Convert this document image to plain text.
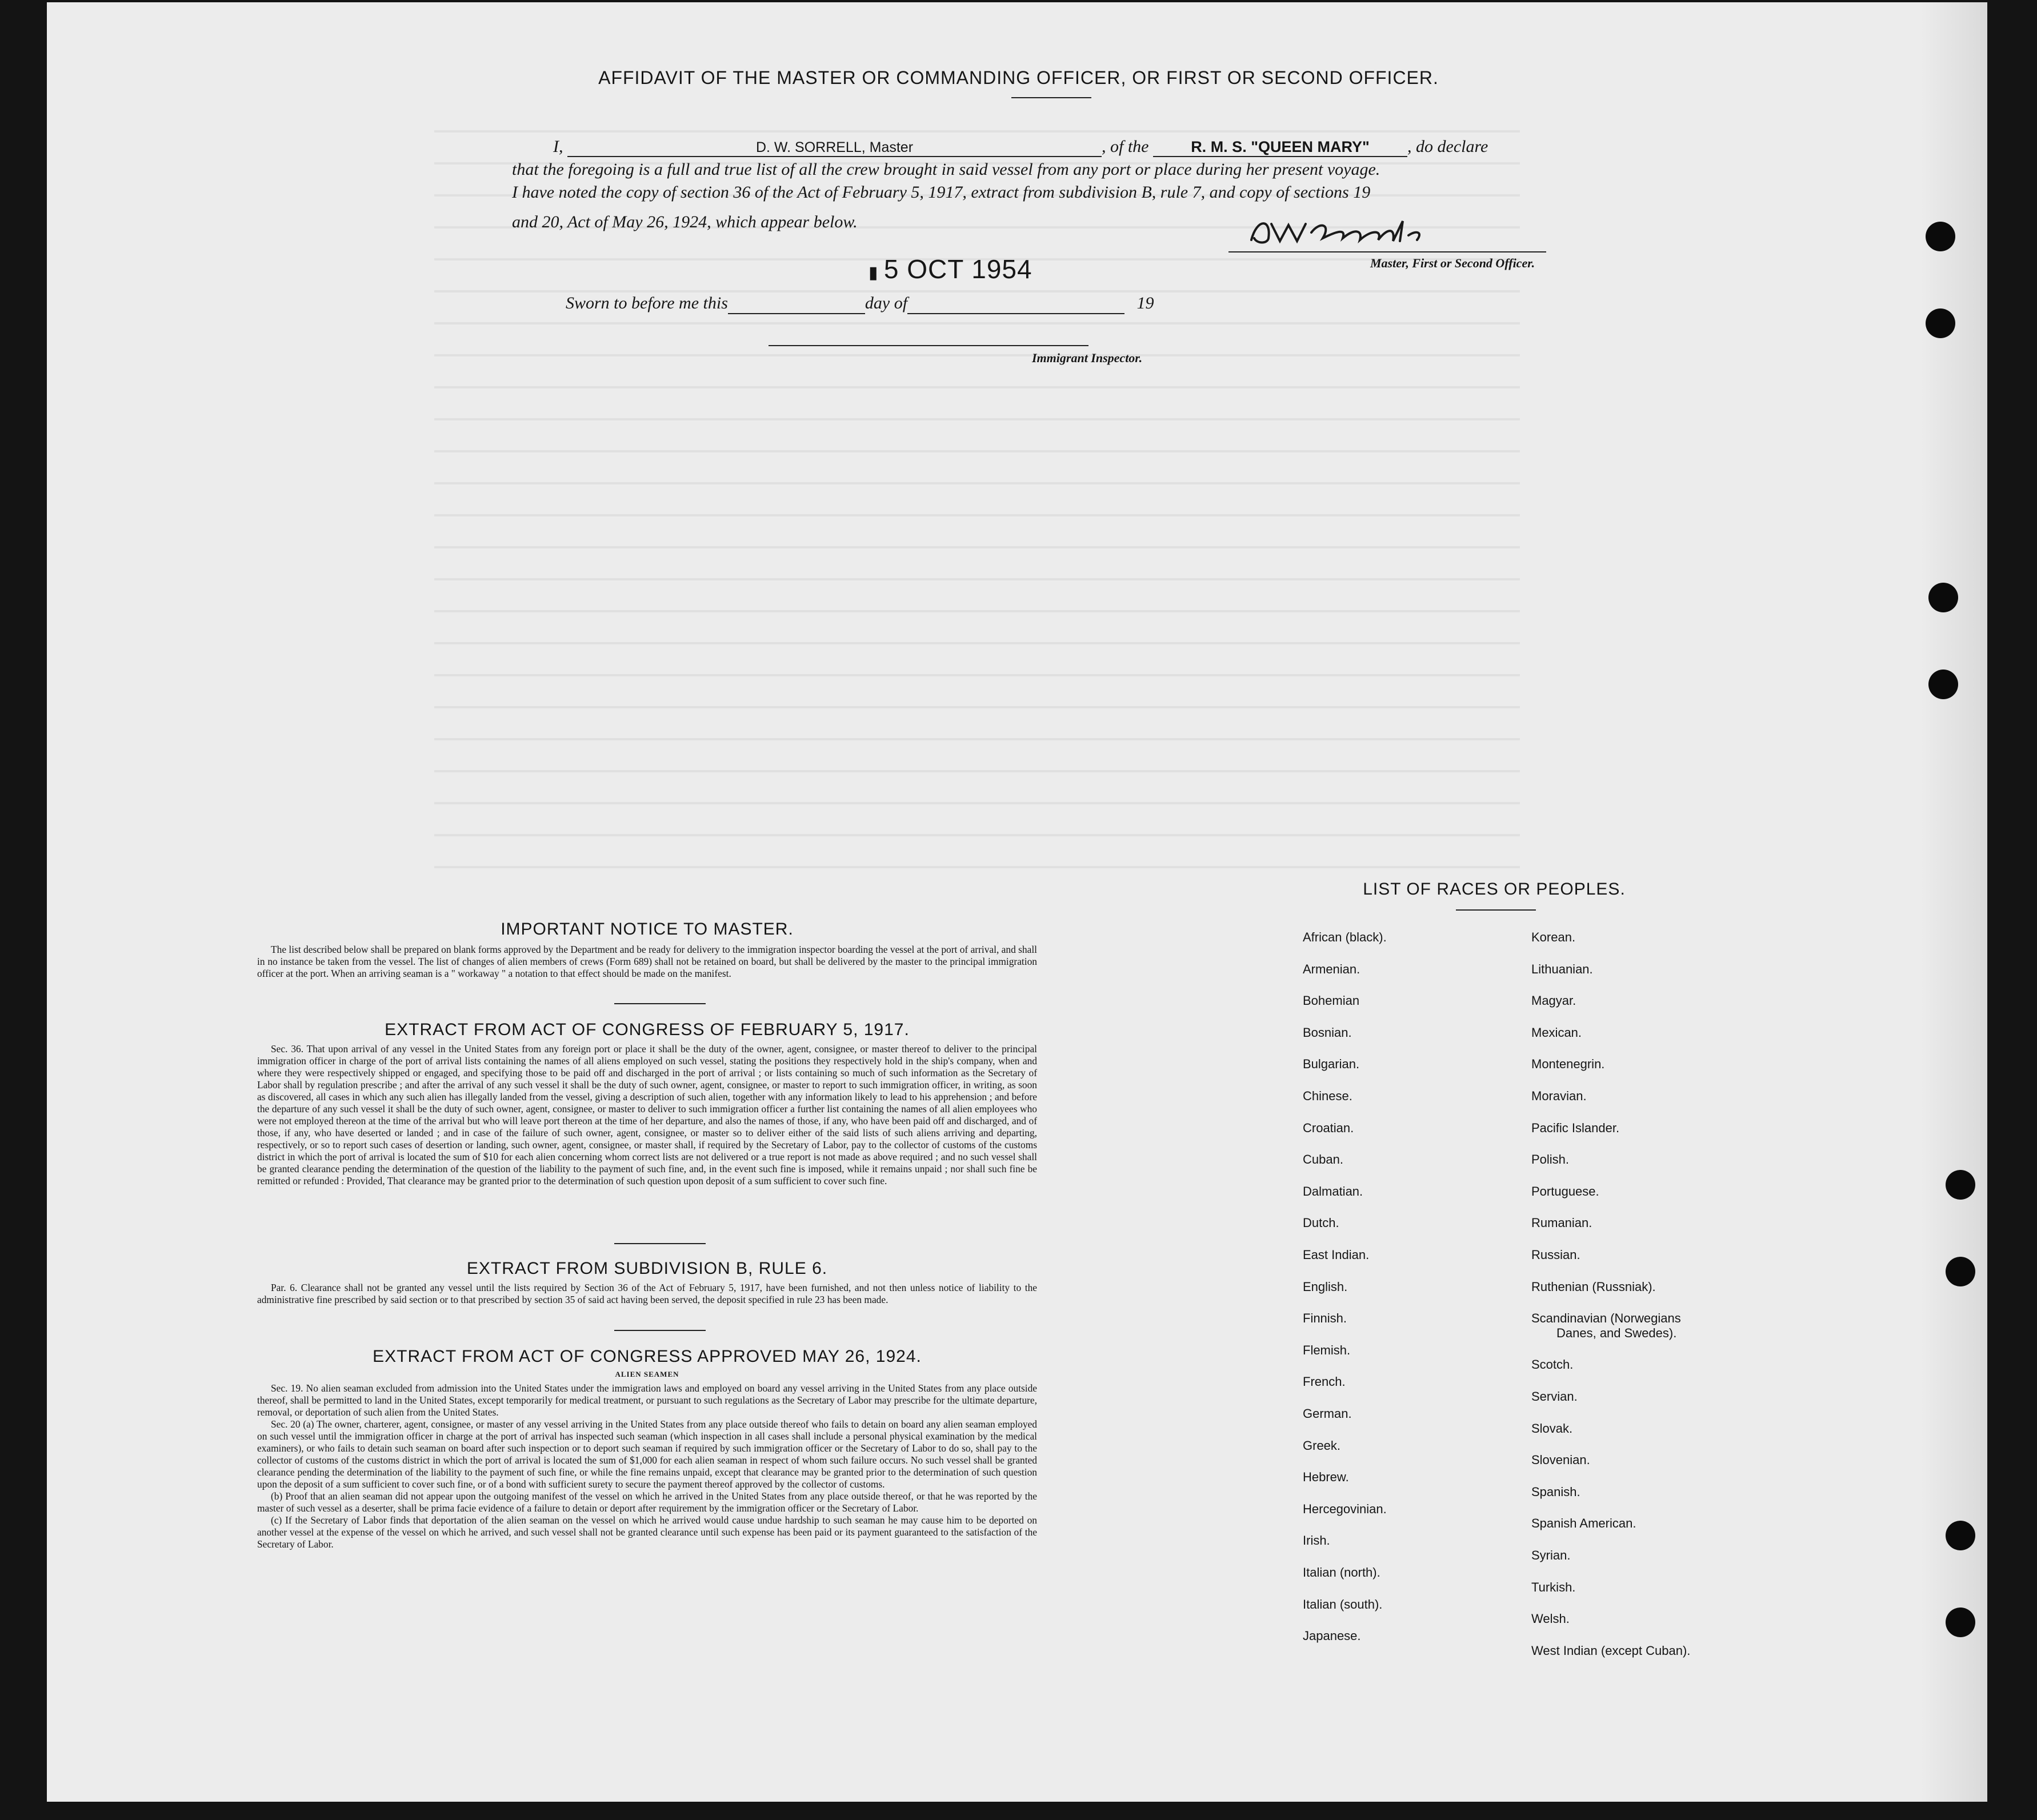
AFFIDAVIT OF THE MASTER OR COMMANDING OFFICER, OR FIRST OR SECOND OFFICER.
I,	D. W. SORRELL, Master	, of the	R. M. S. "QUEEN MARY" , do declare
that the foregoing is a full and true list of all the crew brought in said vessel from any port or place during her present voyage.
I have noted the copy of section 36 of the Act of February 5, 1917, extract from subdivision B, rule 7, and copy of sections 19
and 20, Act of May 26, 1924, which appear below.
Master, First or Second Officer.
▮ 5 OCT 1954
Sworn to before me this	day of	19
Immigrant Inspector.
IMPORTANT NOTICE TO MASTER.

The list described below shall be prepared on blank forms approved by the Department and be ready for delivery to the immigration inspector boarding the vessel at the port of arrival, and shall in no instance be taken from the vessel. The list of changes of alien members of crews (Form 689) shall not be retained on board, but shall be delivered by the master to the principal immigration officer at the port. When an arriving seaman is a " workaway " a notation to that effect should be made on the manifest.

EXTRACT FROM ACT OF CONGRESS OF FEBRUARY 5, 1917.

Sec. 36. That upon arrival of any vessel in the United States from any foreign port or place it shall be the duty of the owner, agent, consignee, or master thereof to deliver to the principal immigration officer in charge of the port of arrival lists containing the names of all aliens employed on such vessel, stating the positions they respectively hold in the ship's company, when and where they were respectively shipped or engaged, and specifying those to be paid off and discharged in the port of arrival ; or lists containing so much of such information as the Secretary of Labor shall by regulation prescribe ; and after the arrival of any such vessel it shall be the duty of such owner, agent, consignee, or master to report to such immigration officer, in writing, as soon as discovered, all cases in which any such alien has illegally landed from the vessel, giving a description of such alien, together with any information likely to lead to his apprehension ; and before the departure of any such vessel it shall be the duty of such owner, agent, consignee, or master to deliver to such immigration officer a further list containing the names of all alien employees who were not employed thereon at the time of the arrival but who will leave port thereon at the time of her departure, and also the names of those, if any, who have been paid off and discharged, and of those, if any, who have deserted or landed ; and in case of the failure of such owner, agent, consignee, or master so to deliver either of the said lists of such aliens arriving and departing, respectively, or so to report such cases of desertion or landing, such owner, agent, consignee, or master shall, if required by the Secretary of Labor, pay to the collector of customs of the customs district in which the port of arrival is located the sum of $10 for each alien concerning whom correct lists are not delivered or a true report is not made as above required ; and no such vessel shall be granted clearance pending the determination of the question of the liability to the payment of such fine, and, in the event such fine is imposed, while it remains unpaid ; nor shall such fine be remitted or refunded : Provided, That clearance may be granted prior to the determination of such question upon deposit of a sum sufficient to cover such fine.

EXTRACT FROM SUBDIVISION B, RULE 6.

Par. 6. Clearance shall not be granted any vessel until the lists required by Section 36 of the Act of February 5, 1917, have been furnished, and not then unless notice of liability to the administrative fine prescribed by said section or to that prescribed by section 35 of said act having been served, the deposit specified in rule 23 has been made.

EXTRACT FROM ACT OF CONGRESS APPROVED MAY 26, 1924.
ALIEN SEAMEN

Sec. 19. No alien seaman excluded from admission into the United States under the immigration laws and employed on board any vessel arriving in the United States from any place outside thereof, shall be permitted to land in the United States, except temporarily for medical treatment, or pursuant to such regulations as the Secretary of Labor may prescribe for the ultimate departure, removal, or deportation of such alien from the United States.

Sec. 20 (a) The owner, charterer, agent, consignee, or master of any vessel arriving in the United States from any place outside thereof who fails to detain on board any alien seaman employed on such vessel until the immigration officer in charge at the port of arrival has inspected such seaman (which inspection in all cases shall include a personal physical examination by the medical examiners), or who fails to detain such seaman on board after such inspection or to deport such seaman if required by such immigration officer or the Secretary of Labor to do so, shall pay to the collector of customs of the customs district in which the port of arrival is located the sum of $1,000 for each alien seaman in respect of whom such failure occurs. No such vessel shall be granted clearance pending the determination of the liability to the payment of such fine, or while the fine remains unpaid, except that clearance may be granted prior to the determination of such question upon the deposit of a sum sufficient to cover such fine, or of a bond with sufficient surety to secure the payment thereof approved by the collector of customs.

(b) Proof that an alien seaman did not appear upon the outgoing manifest of the vessel on which he arrived in the United States from any place outside thereof, or that he was reported by the master of such vessel as a deserter, shall be prima facie evidence of a failure to detain or deport after requirement by the immigration officer or the Secretary of Labor.

(c) If the Secretary of Labor finds that deportation of the alien seaman on the vessel on which he arrived would cause undue hardship to such seaman he may cause him to be deported on another vessel at the expense of the vessel on which he arrived, and such vessel shall not be granted clearance until such expense has been paid or its payment guaranteed to the satisfaction of the Secretary of Labor.

LIST OF RACES OR PEOPLES.
African (black).
Armenian.
Bohemian
Bosnian.
Bulgarian.
Chinese.
Croatian.
Cuban.
Dalmatian.
Dutch.
East Indian.
English.
Finnish.
Flemish.
French.
German.
Greek.
Hebrew.
Hercegovinian.
Irish.
Italian (north).
Italian (south).
Japanese.
Korean.
Lithuanian.
Magyar.
Mexican.
Montenegrin.
Moravian.
Pacific Islander.
Polish.
Portuguese.
Rumanian.
Russian.
Ruthenian (Russniak).
Scandinavian (Norwegians
Danes, and Swedes).
Scotch.
Servian.
Slovak.
Slovenian.
Spanish.
Spanish American.
Syrian.
Turkish.
Welsh.
West Indian (except Cuban).
